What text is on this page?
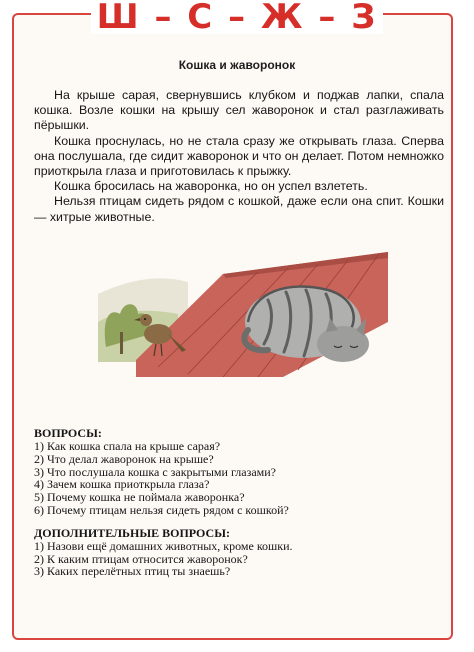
Ш – С – Ж – З
Кошка и жаворонок

На крыше сарая, свернувшись клубком и поджав лапки, спала кошка. Возле кошки на крышу сел жаворонок и стал разглаживать пёрышки.

Кошка проснулась, но не стала сразу же открывать глаза. Сперва она послушала, где сидит жаворонок и что он делает. Потом немножко приоткрыла глаза и приготовилась к прыжку.

Кошка бросилась на жаворонка, но он успел взлететь.

Нельзя птицам сидеть рядом с кошкой, даже если она спит. Кошки — хитрые животные.

ВОПРОСЫ:

1) Как кошка спала на крыше сарая?
2) Что делал жаворонок на крыше?
3) Что послушала кошка с закрытыми глазами?
4) Зачем кошка приоткрыла глаза?
5) Почему кошка не поймала жаворонка?
6) Почему птицам нельзя сидеть рядом с кошкой?

ДОПОЛНИТЕЛЬНЫЕ ВОПРОСЫ:

1) Назови ещё домашних животных, кроме кошки.
2) К каким птицам относится жаворонок?
3) Каких перелётных птиц ты знаешь?
